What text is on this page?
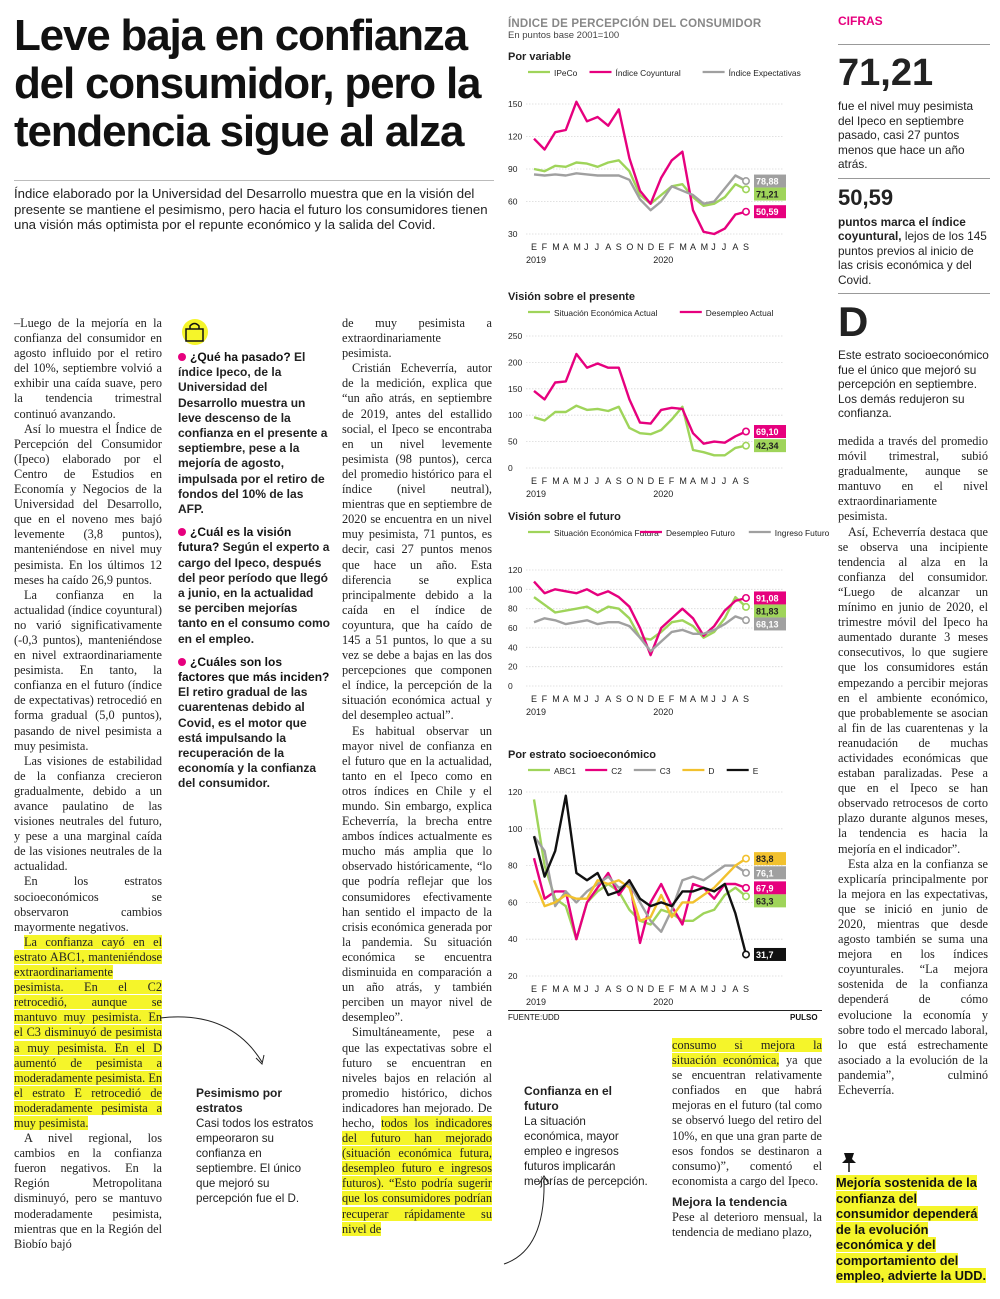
Leve baja en confianza del consumidor, pero la tendencia sigue al alza
Índice elaborado por la Universidad del Desarrollo muestra que en la visión del presente se mantiene el pesimismo, pero hacia el futuro los consumidores tienen una visión más optimista por el repunte económico y la salida del Covid.

–Luego de la mejoría en la confianza del consumidor en agosto influido por el retiro del 10%, septiembre volvió a exhibir una caída suave, pero la tendencia trimestral continuó avanzando.

Así lo muestra el Índice de Percepción del Consumidor (Ipeco) elaborado por el Centro de Estudios en Economía y Negocios de la Universidad del Desarrollo, que en el noveno mes bajó levemente (3,8 puntos), manteniéndose en nivel muy pesimista. En los últimos 12 meses ha caído 26,9 puntos.

La confianza en la actualidad (índice coyuntural) no varió significativamente (-0,3 puntos), manteniéndose en nivel extraordinariamente pesimista. En tanto, la confianza en el futuro (índice de expectativas) retrocedió en forma gradual (5,0 puntos), pasando de nivel pesimista a muy pesimista.

Las visiones de estabilidad de la confianza crecieron gradualmente, debido a un avance paulatino de las visiones neutrales del futuro, y pese a una marginal caída de las visiones neutrales de la actualidad.

En los estratos socioeconómicos se observaron cambios mayormente negativos.

La confianza cayó en el estrato ABC1, manteniéndose extraordinariamente pesimista. En el C2 retrocedió, aunque se mantuvo muy pesimista. En el C3 disminuyó de pesimista a muy pesimista. En el D aumentó de pesimista a moderadamente pesimista. En el estrato E retrocedió de moderadamente pesimista a muy pesimista.

A nivel regional, los cambios en la confianza fueron negativos. En la Región Metropolitana disminuyó, pero se mantuvo moderadamente pesimista, mientras que en la Región del Biobío bajó

¿Qué ha pasado? El índice Ipeco, de la Universidad del Desarrollo muestra un leve descenso de la confianza en el presente a septiembre, pese a la mejoría de agosto, impulsada por el retiro de fondos del 10% de las AFP.
¿Cuál es la visión futura? Según el experto a cargo del Ipeco, después del peor período que llegó a junio, en la actualidad se perciben mejorías tanto en el consumo como en el empleo.
¿Cuáles son los factores que más inciden? El retiro gradual de las cuarentenas debido al Covid, es el motor que está impulsando la recuperación de la economía y la confianza del consumidor.
Pesimismo por estratos
Casi todos los estratos empeoraron su confianza en septiembre. El único que mejoró su percepción fue el D.

de muy pesimista a extraordinariamente pesimista.

Cristián Echeverría, autor de la medición, explica que “un año atrás, en septiembre de 2019, antes del estallido social, el Ipeco se encontraba en un nivel levemente pesimista (98 puntos), cerca del promedio histórico para el índice (nivel neutral), mientras que en septiembre de 2020 se encuentra en un nivel muy pesimista, 71 puntos, es decir, casi 27 puntos menos que hace un año. Esta diferencia se explica principalmente debido a la caída en el índice de coyuntura, que ha caído de 145 a 51 puntos, lo que a su vez se debe a bajas en las dos percepciones que componen el índice, la percepción de la situación económica actual y del desempleo actual”.

Es habitual observar un mayor nivel de confianza en el futuro que en la actualidad, tanto en el Ipeco como en otros índices en Chile y el mundo. Sin embargo, explica Echeverría, la brecha entre ambos índices actualmente es mucho más amplia que lo observado históricamente, “lo que podría reflejar que los consumidores efectivamente han sentido el impacto de la crisis económica generada por la pandemia. Su situación económica se encuentra disminuida en comparación a un año atrás, y también perciben un mayor nivel de desempleo”.

Simultáneamente, pese a que las expectativas sobre el futuro se encuentran en niveles bajos en relación al promedio histórico, dichos indicadores han mejorado. De hecho, todos los indicadores del futuro han mejorado (situación económica futura, desempleo futuro e ingresos futuros). “Esto podría sugerir que los consumidores podrían recuperar rápidamente su nivel de

ÍNDICE DE PERCEPCIÓN DEL CONSUMIDOR
En puntos base 2001=100
Por variable
IPeCo	Índice Coyuntural	Índice Expectativas
30
60
90
120
150
E F M A M J J A S O N D E F M A M J J A S
2019	2020
78,88
71,21
50,59
Visión sobre el presente
Situación Económica Actual	Desempleo Actual
0
50
100
150
200
250
E F M A M J J A S O N D E F M A M J J A S
2019	2020
69,10
42,34
Visión sobre el futuro
Situación Económica Futura Desempleo Futuro	Ingreso Futuro
0
20
40
60
80
100
120
E F M A M J J A S O N D E F M A M J J A S
2019	2020
91,08
81,83
68,13
Por estrato socioeconómico
ABC1	C2	C3	D	E
20
40
60
80
100
120
E F M A M J J A S O N D E F M A M J J A S
2019	2020
83,8
76,1
67,9
63,3
31,7
FUENTE:UDD	PULSO
Confianza en el futuro
La situación económica, mayor empleo e ingresos futuros implicarán mejorías de percepción.

consumo si mejora la situación económica, ya que se encuentran relativamente confiados en que habrá mejoras en el futuro (tal como se observó luego del retiro del 10%, en que una gran parte de esos fondos se destinaron a consumo)”, comentó el economista a cargo del Ipeco.

Mejora la tendencia

Pese al deterioro mensual, la tendencia de mediano plazo,

CIFRAS
71,21
fue el nivel muy pesimista del Ipeco en septiembre pasado, casi 27 puntos menos que hace un año atrás.
50,59
puntos marca el índice coyuntural, lejos de los 145 puntos previos al inicio de las crisis económica y del Covid.
D
Este estrato socioeconómico fue el único que mejoró su percepción en septiembre. Los demás redujeron su confianza.

medida a través del promedio móvil trimestral, subió gradualmente, aunque se mantuvo en el nivel extraordinariamente pesimista.

Así, Echeverría destaca que se observa una incipiente tendencia al alza en la confianza del consumidor. “Luego de alcanzar un mínimo en junio de 2020, el trimestre móvil del Ipeco ha aumentado durante 3 meses consecutivos, lo que sugiere que los consumidores están empezando a percibir mejoras en el ambiente económico, que probablemente se asocian al fin de las cuarentenas y la reanudación de muchas actividades económicas que estaban paralizadas. Pese a que en el Ipeco se han observado retrocesos de corto plazo durante algunos meses, la tendencia es hacia la mejoría en el indicador”.

Esta alza en la confianza se explicaría principalmente por la mejora en las expectativas, que se inició en junio de 2020, mientras que desde agosto también se suma una mejora en los índices coyunturales. “La mejora sostenida de la confianza dependerá de cómo evolucione la economía y sobre todo el mercado laboral, lo que está estrechamente asociado a la evolución de la pandemia”, culminó Echeverría.

Mejoría sostenida de la confianza del consumidor dependerá de la evolución económica y del comportamiento del empleo, advierte la UDD.
